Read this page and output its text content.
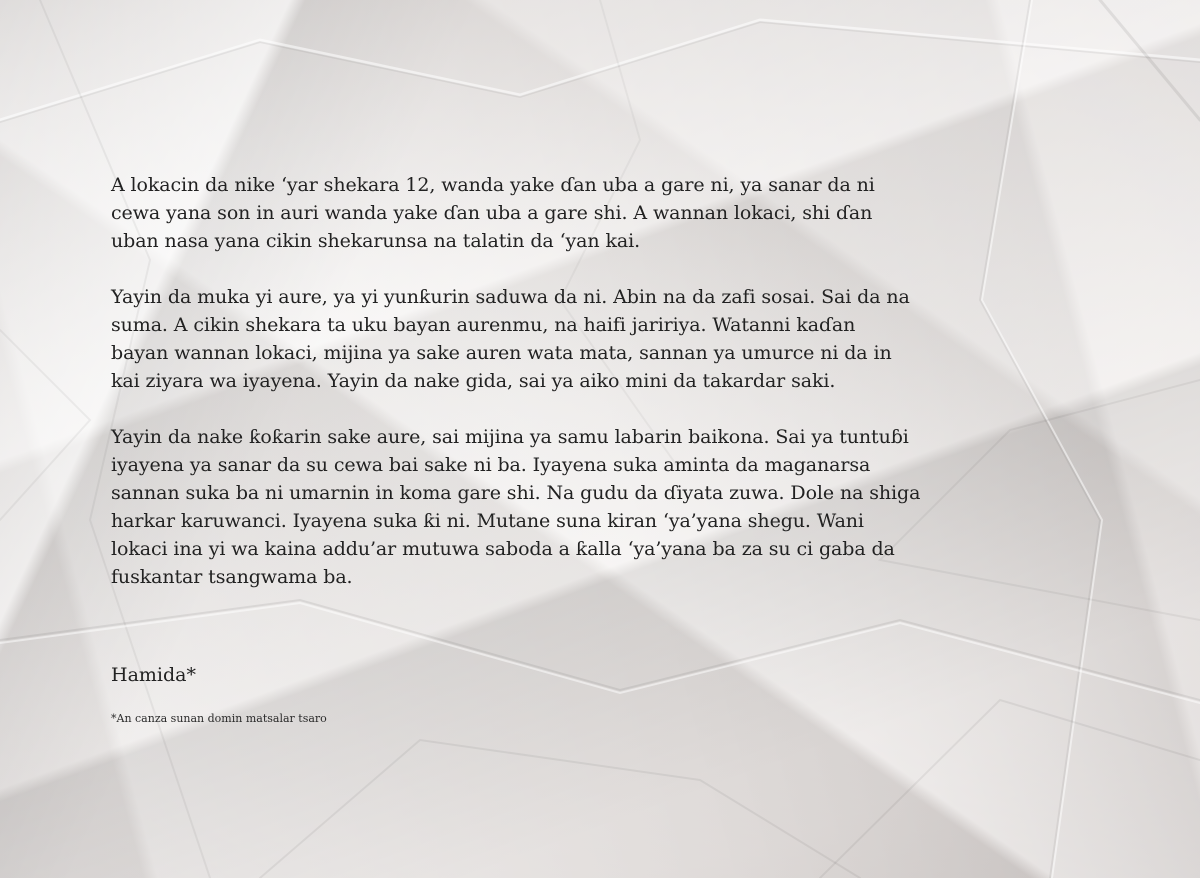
A lokacin da nike ‘yar shekara 12, wanda yake ɗan uba a gare ni, ya sanar da ni
cewa yana son in auri wanda yake ɗan uba a gare shi. A wannan lokaci, shi ɗan
uban nasa yana cikin shekarunsa na talatin da ‘yan kai.

Yayin da muka yi aure, ya yi yunƙurin saduwa da ni. Abin na da zafi sosai. Sai da na
suma. A cikin shekara ta uku bayan aurenmu, na haifi jaririya. Watanni kaɗan
bayan wannan lokaci, mijina ya sake auren wata mata, sannan ya umurce ni da in
kai ziyara wa iyayena. Yayin da nake gida, sai ya aiko mini da takardar saki.

Yayin da nake ƙoƙarin sake aure, sai mijina ya samu labarin baikona. Sai ya tuntuɓi
iyayena ya sanar da su cewa bai sake ni ba. Iyayena suka aminta da maganarsa
sannan suka ba ni umarnin in koma gare shi. Na gudu da ɗiyata zuwa. Dole na shiga
harkar karuwanci. Iyayena suka ƙi ni. Mutane suna kiran ‘ya’yana shegu. Wani
lokaci ina yi wa kaina addu’ar mutuwa saboda a ƙalla ‘ya’yana ba za su ci gaba da
fuskantar tsangwama ba.

Hamida*
*An canza sunan domin matsalar tsaro
